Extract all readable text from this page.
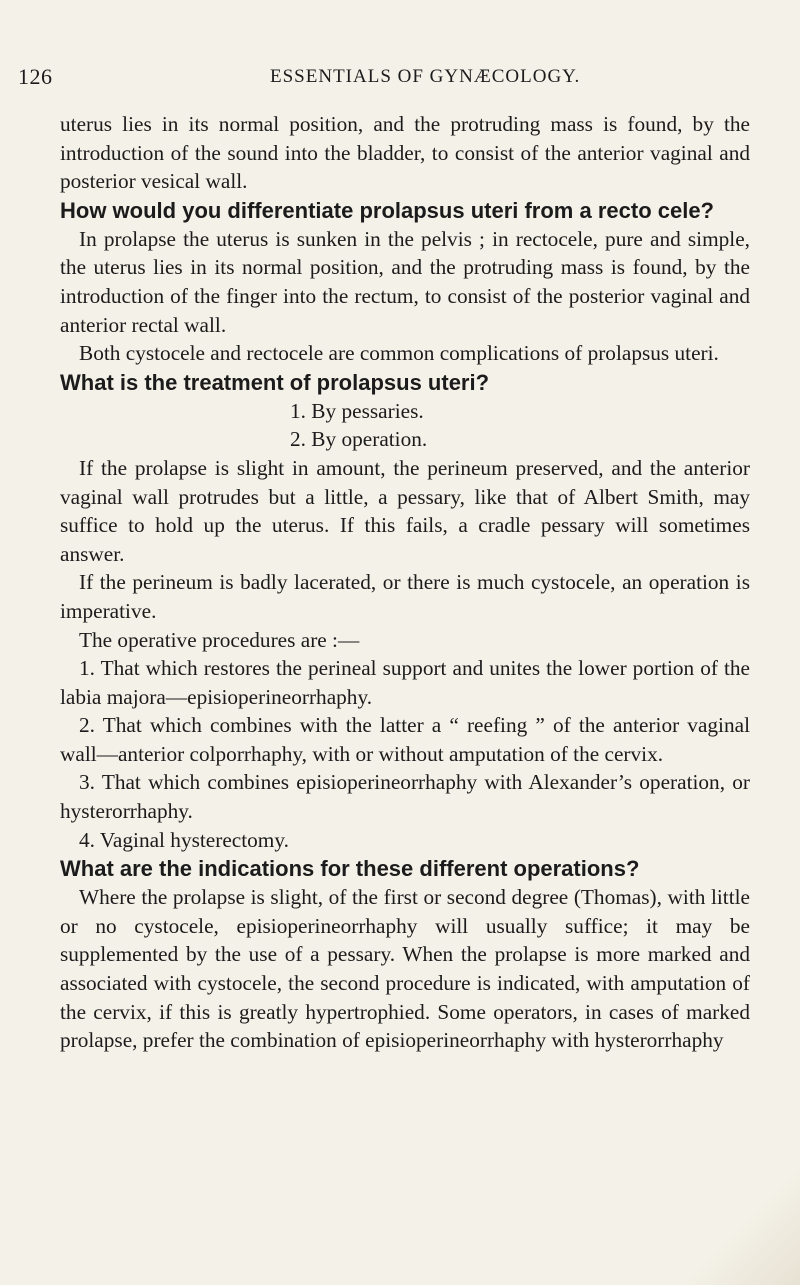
126	ESSENTIALS OF GYNÆCOLOGY.

uterus lies in its normal position, and the protruding mass is found, by the introduction of the sound into the bladder, to consist of the anterior vaginal and posterior vesical wall.

How would you differentiate prolapsus uteri from a recto cele?

In prolapse the uterus is sunken in the pelvis ; in rectocele, pure and simple, the uterus lies in its normal position, and the protruding mass is found, by the introduction of the finger into the rectum, to consist of the posterior vaginal and anterior rectal wall.

Both cystocele and rectocele are common complications of prolapsus uteri.

What is the treatment of prolapsus uteri?

1. By pessaries.

2. By operation.

If the prolapse is slight in amount, the perineum preserved, and the anterior vaginal wall protrudes but a little, a pessary, like that of Albert Smith, may suffice to hold up the uterus. If this fails, a cradle pessary will sometimes answer.

If the perineum is badly lacerated, or there is much cystocele, an operation is imperative.

The operative procedures are :—

1. That which restores the perineal support and unites the lower portion of the labia majora—episioperineorrhaphy.

2. That which combines with the latter a “ reefing ” of the anterior vaginal wall—anterior colporrhaphy, with or without amputation of the cervix.

3. That which combines episioperineorrhaphy with Alexander’s operation, or hysterorrhaphy.

4. Vaginal hysterectomy.

What are the indications for these different operations?

Where the prolapse is slight, of the first or second degree (Thomas), with little or no cystocele, episioperineorrhaphy will usually suffice; it may be supplemented by the use of a pessary. When the prolapse is more marked and associated with cystocele, the second procedure is indicated, with amputation of the cervix, if this is greatly hypertrophied. Some operators, in cases of marked prolapse, prefer the combination of episioperineorrhaphy with hysterorrhaphy
